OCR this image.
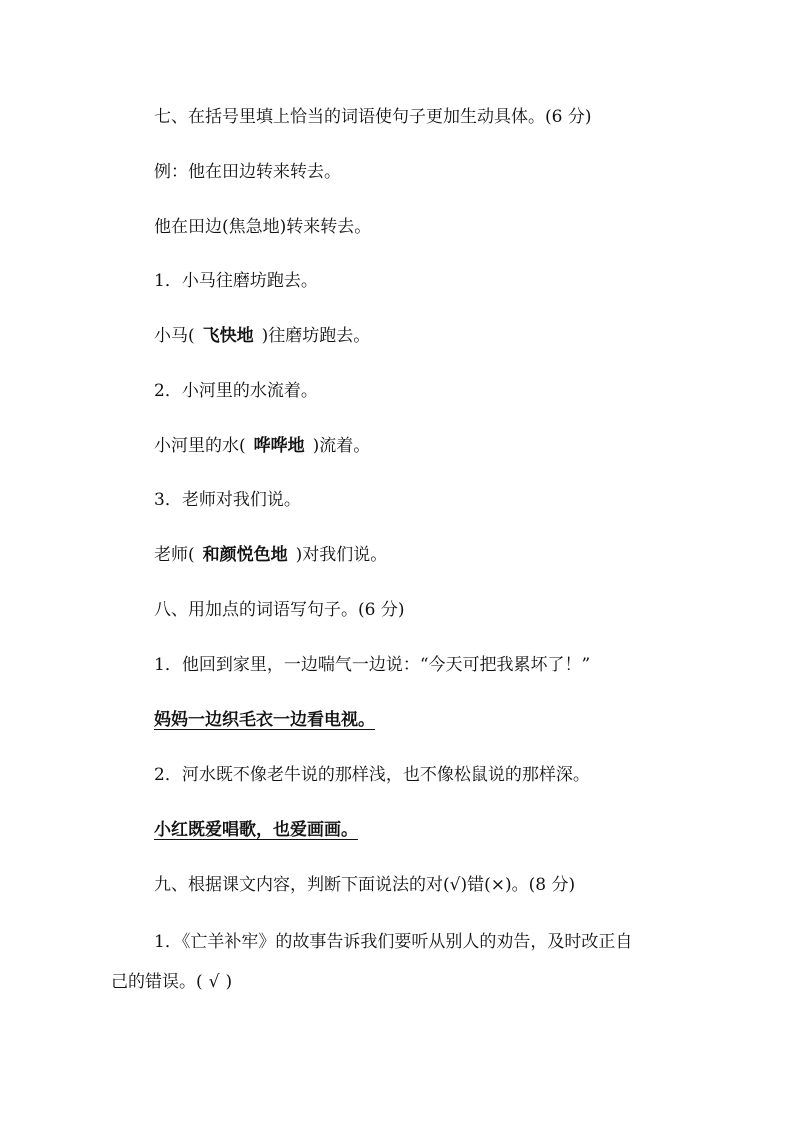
七、在括号里填上恰当的词语使句子更加生动具体。(6 分)
例：他在田边转来转去。
他在田边(焦急地)转来转去。
1．小马往磨坊跑去。
小马( 飞快地 )往磨坊跑去。
2．小河里的水流着。
小河里的水( 哗哗地 )流着。
3．老师对我们说。
老师( 和颜悦色地 )对我们说。
八、用加点的词语写句子。(6 分)
1．他回到家里，一边喘气一边说：“今天可把我累坏了！”
妈妈一边织毛衣一边看电视。
2．河水既不像老牛说的那样浅，也不像松鼠说的那样深。
小红既爱唱歌，也爱画画。
九、根据课文内容，判断下面说法的对(√)错(×)。(8 分)
1．《亡羊补牢》的故事告诉我们要听从别人的劝告，及时改正自
己的错误。( √ )
